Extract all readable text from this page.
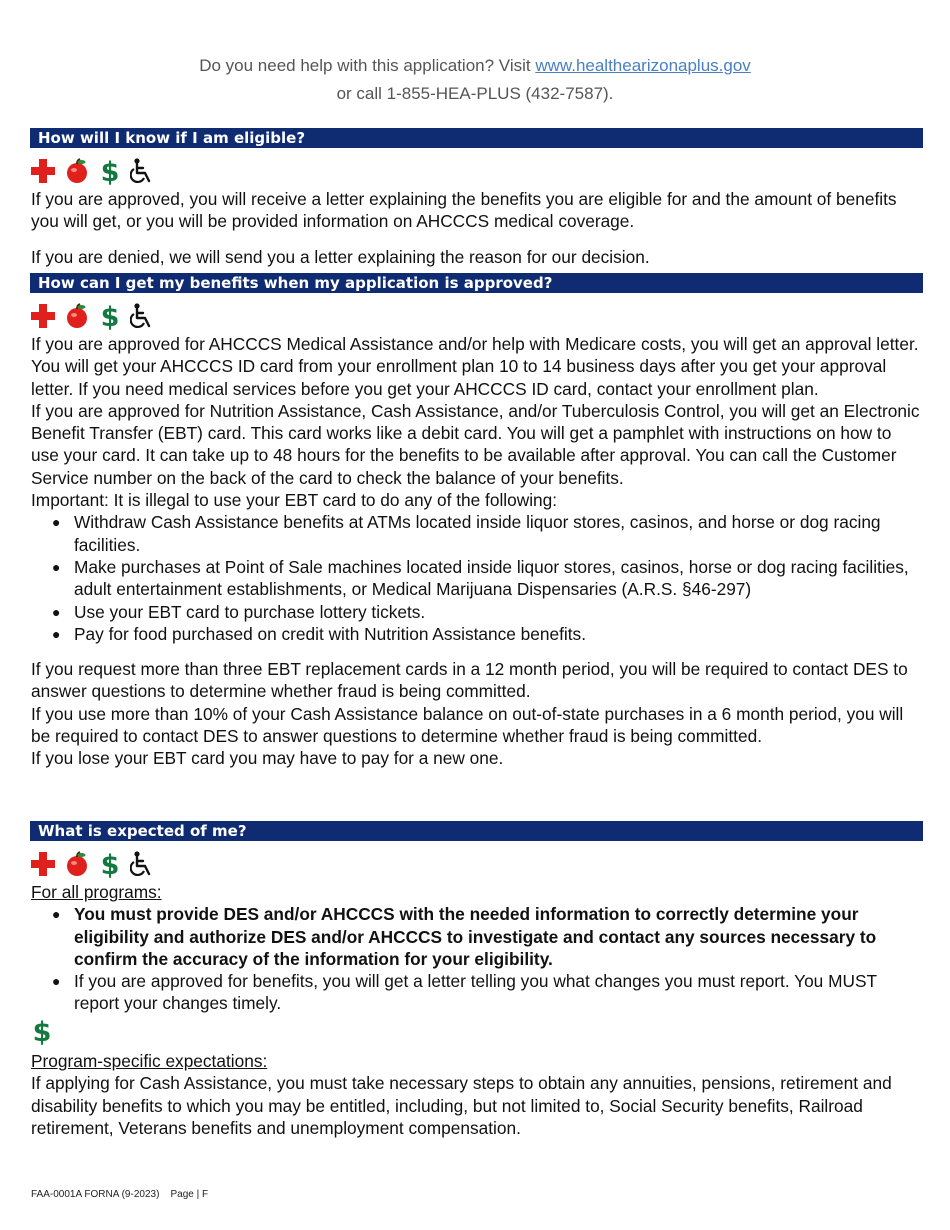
Do you need help with this application? Visit www.healthearizonaplus.gov
or call 1-855-HEA-PLUS (432-7587).
How will I know if I am eligible?
$

If you are approved, you will receive a letter explaining the benefits you are eligible for and the amount of benefits you will get, or you will be provided information on AHCCCS medical coverage.

If you are denied, we will send you a letter explaining the reason for our decision.

How can I get my benefits when my application is approved?
$

If you are approved for AHCCCS Medical Assistance and/or help with Medicare costs, you will get an approval letter. You will get your AHCCCS ID card from your enrollment plan 10 to 14 business days after you get your approval letter. If you need medical services before you get your AHCCCS ID card, contact your enrollment plan.

If you are approved for Nutrition Assistance, Cash Assistance, and/or Tuberculosis Control, you will get an Electronic Benefit Transfer (EBT) card. This card works like a debit card. You will get a pamphlet with instructions on how to use your card. It can take up to 48 hours for the benefits to be available after approval. You can call the Customer Service number on the back of the card to check the balance of your benefits.

Important: It is illegal to use your EBT card to do any of the following:

● Withdraw Cash Assistance benefits at ATMs located inside liquor stores, casinos, and horse or dog racing facilities.
● Make purchases at Point of Sale machines located inside liquor stores, casinos, horse or dog racing facilities, adult entertainment establishments, or Medical Marijuana Dispensaries (A.R.S. §46-297)
● Use your EBT card to purchase lottery tickets.
● Pay for food purchased on credit with Nutrition Assistance benefits.

If you request more than three EBT replacement cards in a 12 month period, you will be required to contact DES to answer questions to determine whether fraud is being committed.

If you use more than 10% of your Cash Assistance balance on out-of-state purchases in a 6 month period, you will be required to contact DES to answer questions to determine whether fraud is being committed.

If you lose your EBT card you may have to pay for a new one.

What is expected of me?
$

For all programs:

● You must provide DES and/or AHCCCS with the needed information to correctly determine your eligibility and authorize DES and/or AHCCCS to investigate and contact any sources necessary to confirm the accuracy of the information for your eligibility.
● If you are approved for benefits, you will get a letter telling you what changes you must report. You MUST report your changes timely.
$

Program-specific expectations:

If applying for Cash Assistance, you must take necessary steps to obtain any annuities, pensions, retirement and disability benefits to which you may be entitled, including, but not limited to, Social Security benefits, Railroad retirement, Veterans benefits and unemployment compensation.

FAA-0001A FORNA (9-2023)    Page | F
